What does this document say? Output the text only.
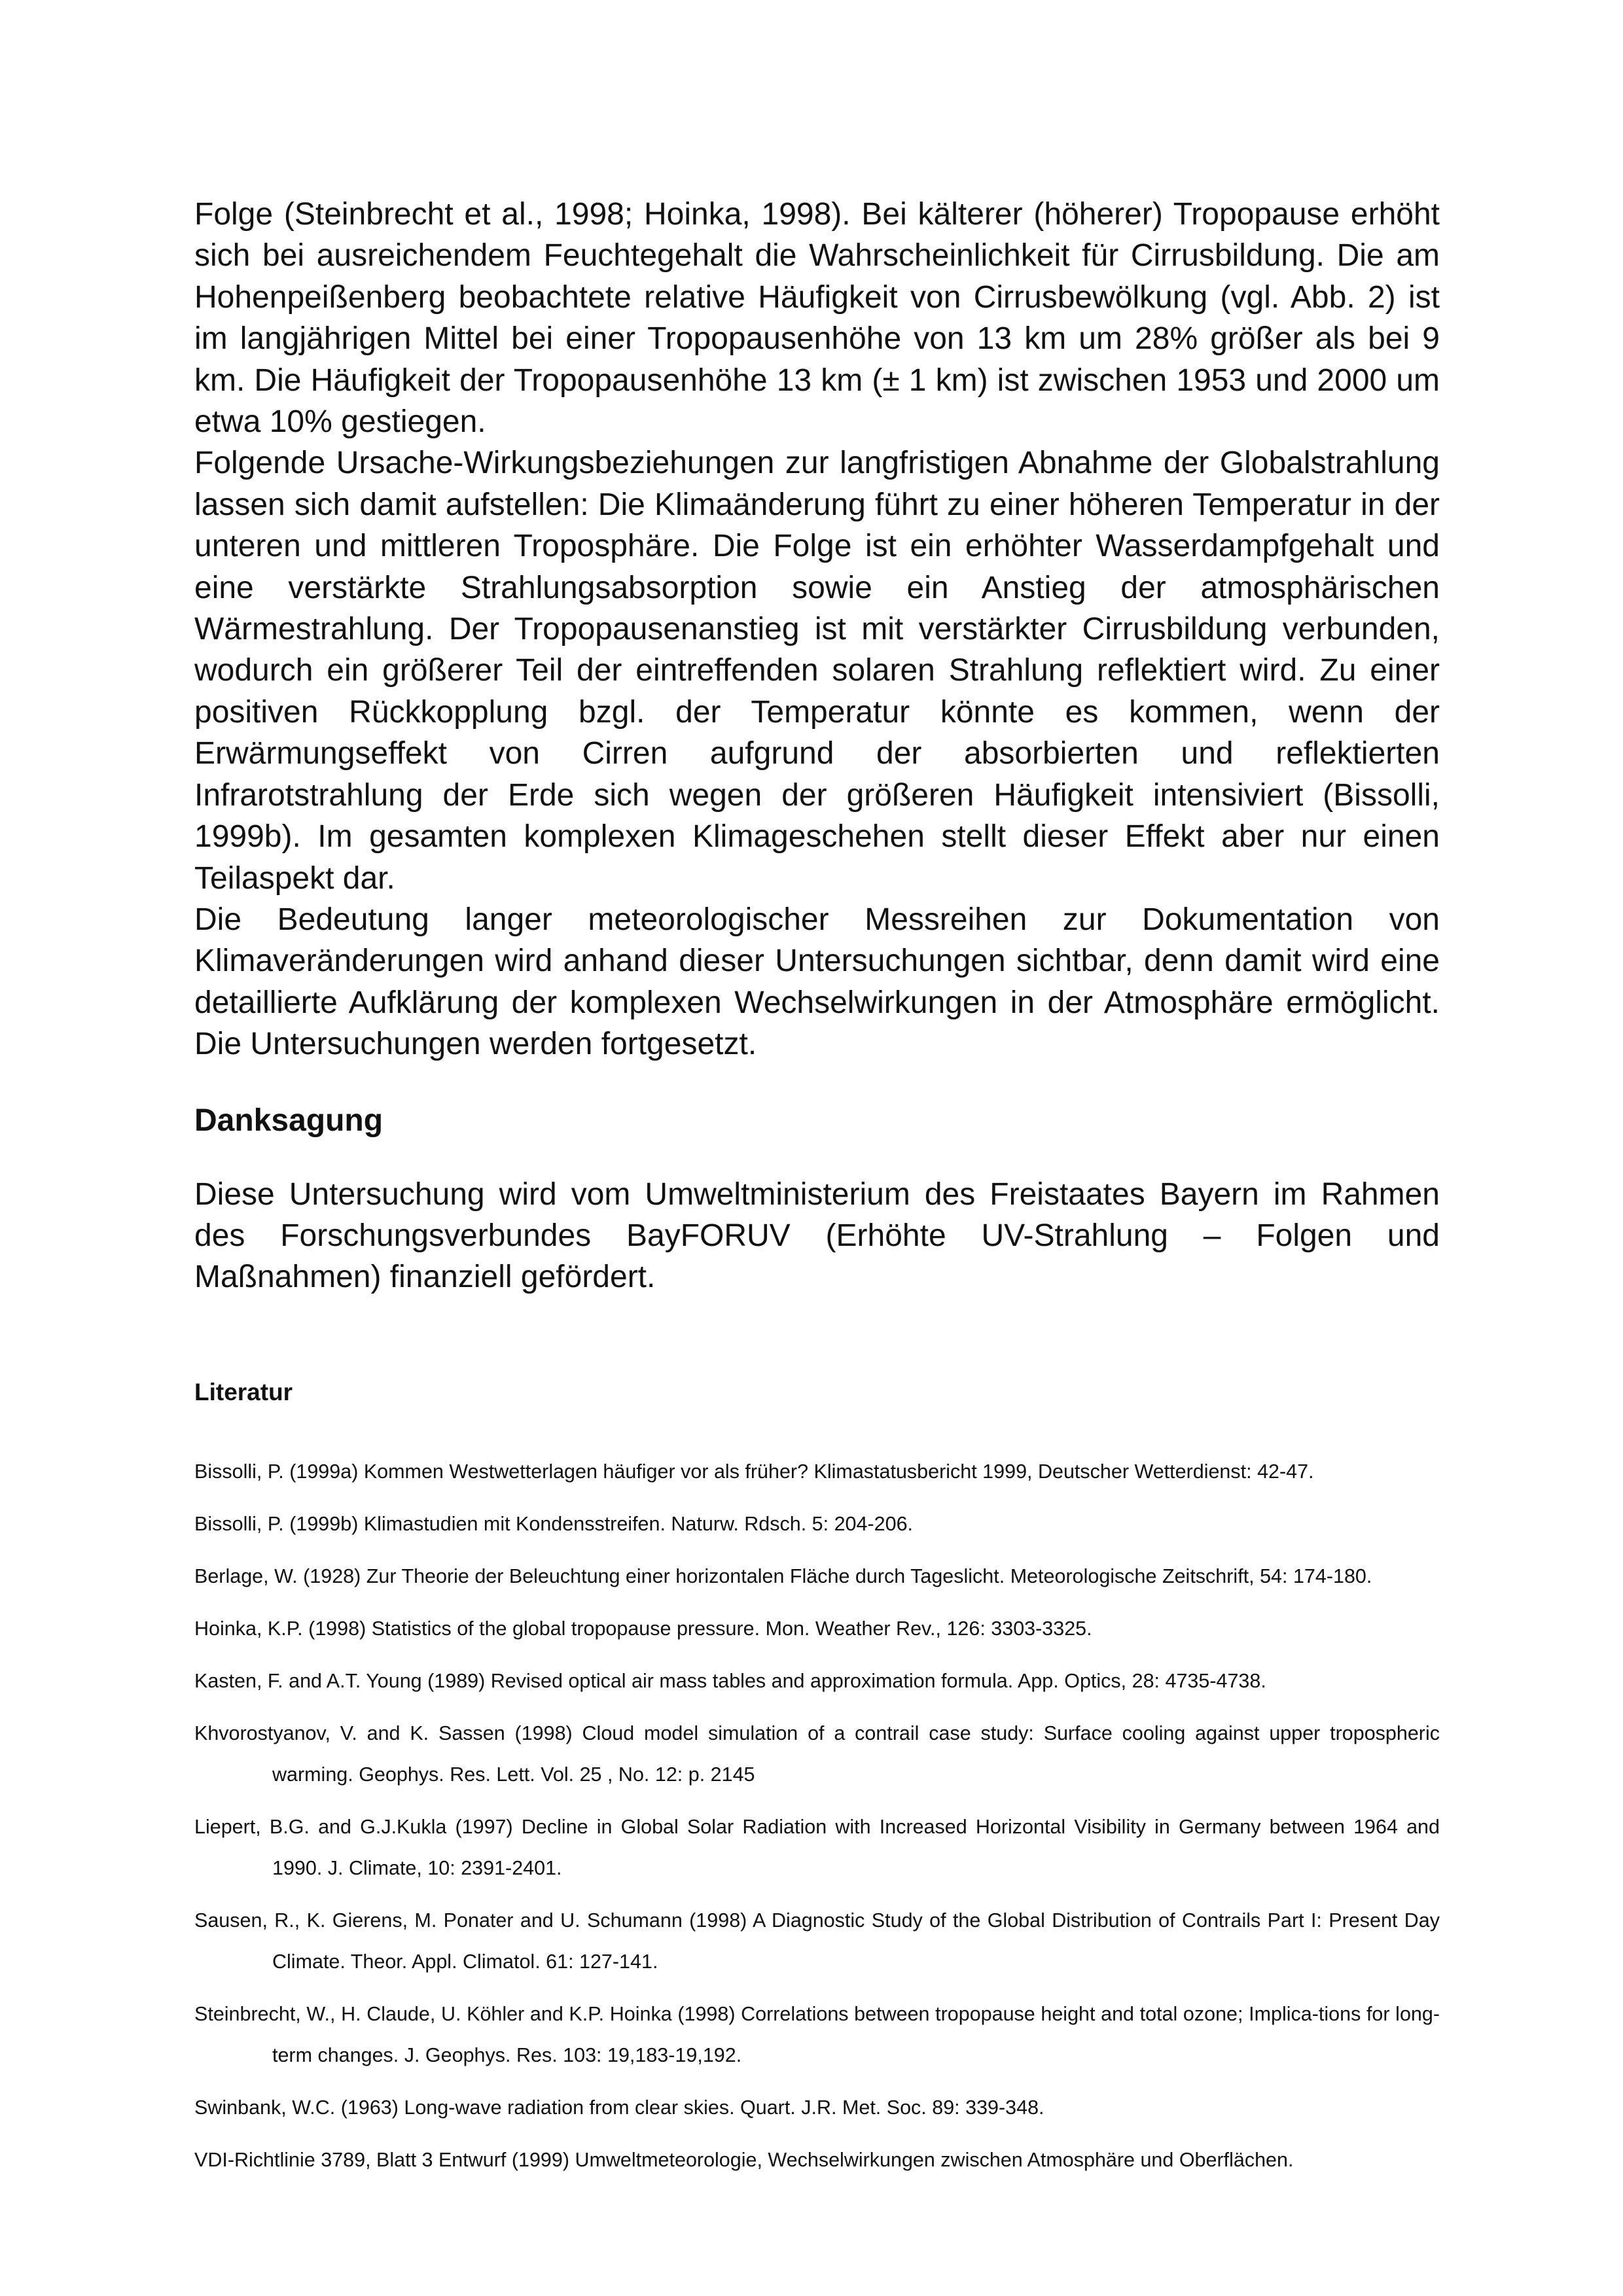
Folge (Steinbrecht et al., 1998; Hoinka, 1998). Bei kälterer (höherer) Tropopause erhöht sich bei ausreichendem Feuchtegehalt die Wahrscheinlichkeit für Cirrusbildung. Die am Hohenpeißenberg beobachtete relative Häufigkeit von Cirrusbewölkung (vgl. Abb. 2) ist im langjährigen Mittel bei einer Tropopausenhöhe von 13 km um 28% größer als bei 9 km. Die Häufigkeit der Tropopausenhöhe 13 km (± 1 km) ist zwischen 1953 und 2000 um etwa 10% gestiegen.

Folgende Ursache-Wirkungsbeziehungen zur langfristigen Abnahme der Globalstrahlung lassen sich damit aufstellen: Die Klimaänderung führt zu einer höheren Temperatur in der unteren und mittleren Troposphäre. Die Folge ist ein erhöhter Wasserdampfgehalt und eine verstärkte Strahlungsabsorption sowie ein Anstieg der atmosphärischen Wärmestrahlung. Der Tropopausenanstieg ist mit verstärkter Cirrusbildung verbunden, wodurch ein größerer Teil der eintreffenden solaren Strahlung reflektiert wird. Zu einer positiven Rückkopplung bzgl. der Temperatur könnte es kommen, wenn der Erwärmungseffekt von Cirren aufgrund der absorbierten und reflektierten Infrarotstrahlung der Erde sich wegen der größeren Häufigkeit intensiviert (Bissolli, 1999b). Im gesamten komplexen Klimageschehen stellt dieser Effekt aber nur einen Teilaspekt dar.

Die Bedeutung langer meteorologischer Messreihen zur Dokumentation von Klimaveränderungen wird anhand dieser Untersuchungen sichtbar, denn damit wird eine detaillierte Aufklärung der komplexen Wechselwirkungen in der Atmosphäre ermöglicht. Die Untersuchungen werden fortgesetzt.

Danksagung

Diese Untersuchung wird vom Umweltministerium des Freistaates Bayern im Rahmen des Forschungsverbundes BayFORUV (Erhöhte UV-Strahlung – Folgen und Maßnahmen) finanziell gefördert.

Literatur
Bissolli, P. (1999a) Kommen Westwetterlagen häufiger vor als früher? Klimastatusbericht 1999, Deutscher Wetterdienst: 42-47.
Bissolli, P. (1999b) Klimastudien mit Kondensstreifen. Naturw. Rdsch. 5: 204-206.
Berlage, W. (1928) Zur Theorie der Beleuchtung einer horizontalen Fläche durch Tageslicht. Meteorologische Zeitschrift, 54: 174-180.
Hoinka, K.P. (1998) Statistics of the global tropopause pressure. Mon. Weather Rev., 126: 3303-3325.
Kasten, F. and A.T. Young (1989) Revised optical air mass tables and approximation formula. App. Optics, 28: 4735-4738.
Khvorostyanov, V. and K. Sassen (1998) Cloud model simulation of a contrail case study: Surface cooling against upper tropospheric warming. Geophys. Res. Lett. Vol. 25 , No. 12: p. 2145
Liepert, B.G. and G.J.Kukla (1997) Decline in Global Solar Radiation with Increased Horizontal Visibility in Germany between 1964 and 1990. J. Climate, 10: 2391-2401.
Sausen, R., K. Gierens, M. Ponater and U. Schumann (1998) A Diagnostic Study of the Global Distribution of Contrails Part I: Present Day Climate. Theor. Appl. Climatol. 61: 127-141.
Steinbrecht, W., H. Claude, U. Köhler and K.P. Hoinka (1998) Correlations between tropopause height and total ozone; Implica-tions for long-term changes. J. Geophys. Res. 103: 19,183-19,192.
Swinbank, W.C. (1963) Long-wave radiation from clear skies. Quart. J.R. Met. Soc. 89: 339-348.
VDI-Richtlinie 3789, Blatt 3 Entwurf (1999) Umweltmeteorologie, Wechselwirkungen zwischen Atmosphäre und Oberflächen.
